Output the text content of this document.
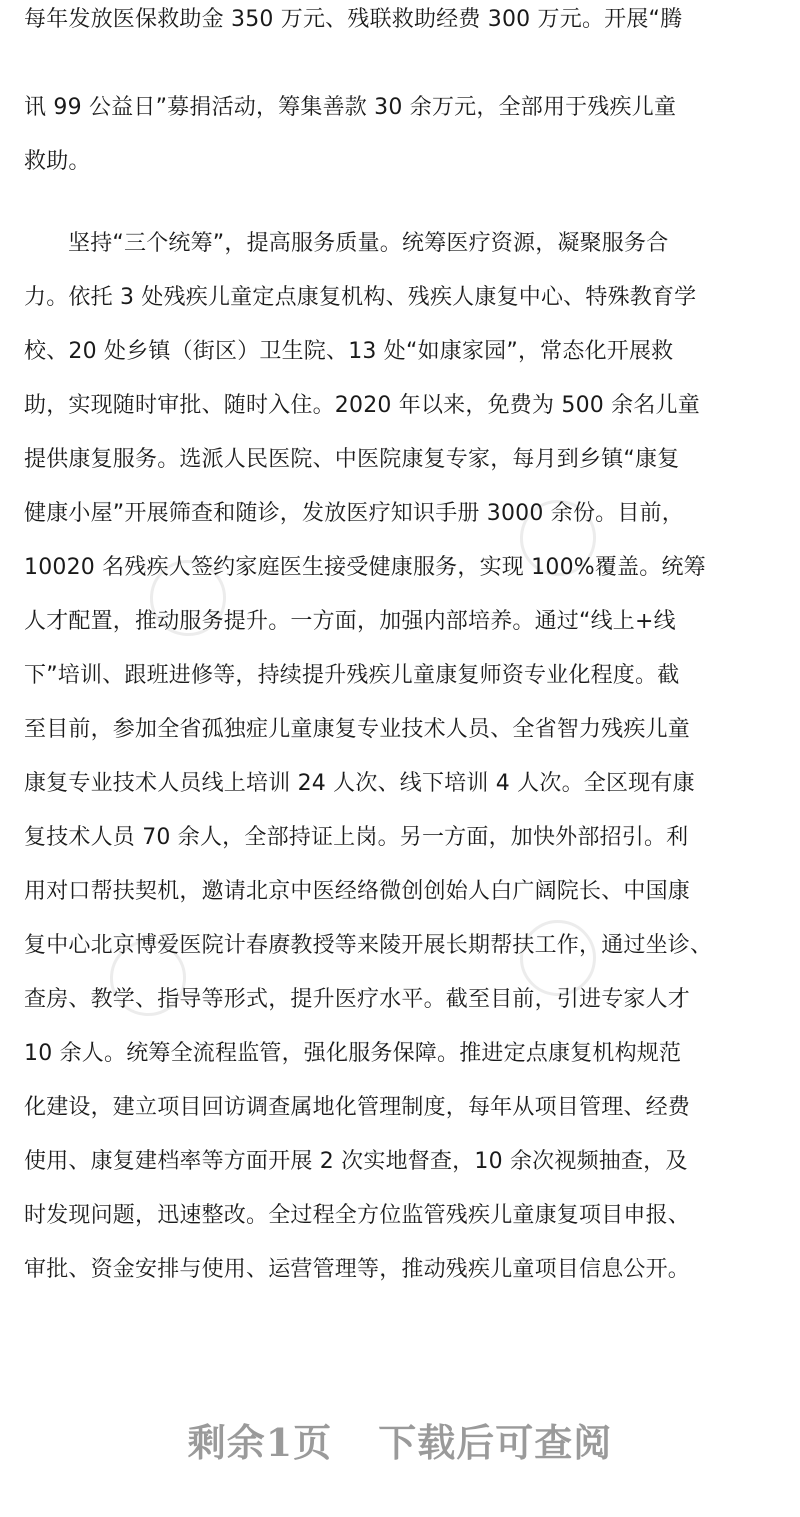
每年发放医保救助金 350 万元、残联救助经费 300 万元。开展“腾
讯 99 公益日”募捐活动，筹集善款 30 余万元，全部用于残疾儿童
救助。
坚持“三个统筹”，提高服务质量。统筹医疗资源，凝聚服务合
力。依托 3 处残疾儿童定点康复机构、残疾人康复中心、特殊教育学
校、20 处乡镇（街区）卫生院、13 处“如康家园”，常态化开展救
助，实现随时审批、随时入住。2020 年以来，免费为 500 余名儿童
提供康复服务。选派人民医院、中医院康复专家，每月到乡镇“康复
健康小屋”开展筛查和随诊，发放医疗知识手册 3000 余份。目前，
10020 名残疾人签约家庭医生接受健康服务，实现 100%覆盖。统筹
人才配置，推动服务提升。一方面，加强内部培养。通过“线上+线
下”培训、跟班进修等，持续提升残疾儿童康复师资专业化程度。截
至目前，参加全省孤独症儿童康复专业技术人员、全省智力残疾儿童
康复专业技术人员线上培训 24 人次、线下培训 4 人次。全区现有康
复技术人员 70 余人，全部持证上岗。另一方面，加快外部招引。利
用对口帮扶契机，邀请北京中医经络微创创始人白广阔院长、中国康
复中心北京博爱医院计春赓教授等来陵开展长期帮扶工作，通过坐诊、
查房、教学、指导等形式，提升医疗水平。截至目前，引进专家人才
10 余人。统筹全流程监管，强化服务保障。推进定点康复机构规范
化建设，建立项目回访调查属地化管理制度，每年从项目管理、经费
使用、康复建档率等方面开展 2 次实地督查，10 余次视频抽查，及
时发现问题，迅速整改。全过程全方位监管残疾儿童康复项目申报、
审批、资金安排与使用、运营管理等，推动残疾儿童项目信息公开。
剩余1页 下载后可查阅
